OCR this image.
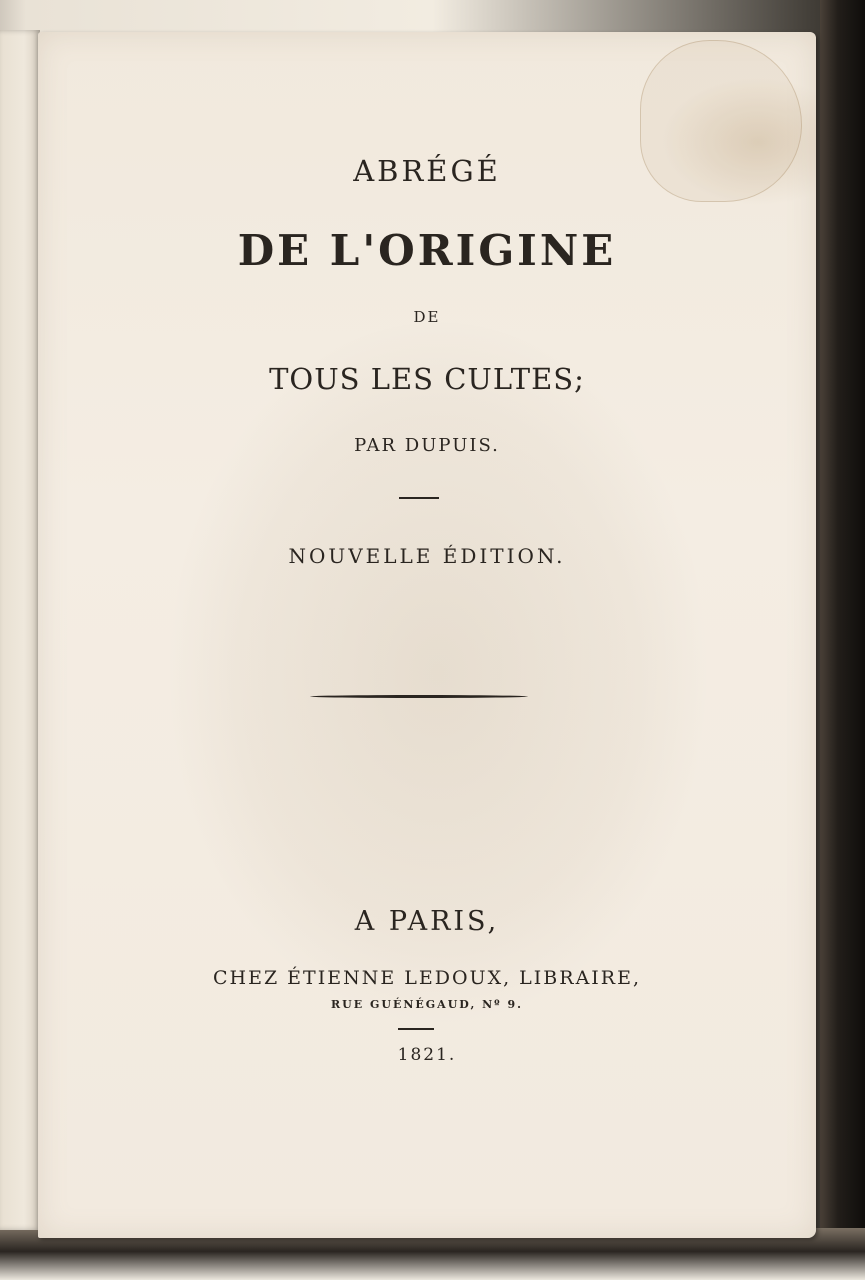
ABRÉGÉ
DE L'ORIGINE
DE
TOUS LES CULTES;
PAR DUPUIS.
NOUVELLE ÉDITION.
A PARIS,
CHEZ ÉTIENNE LEDOUX, LIBRAIRE,
RUE GUÉNÉGAUD, Nº 9.
1821.
